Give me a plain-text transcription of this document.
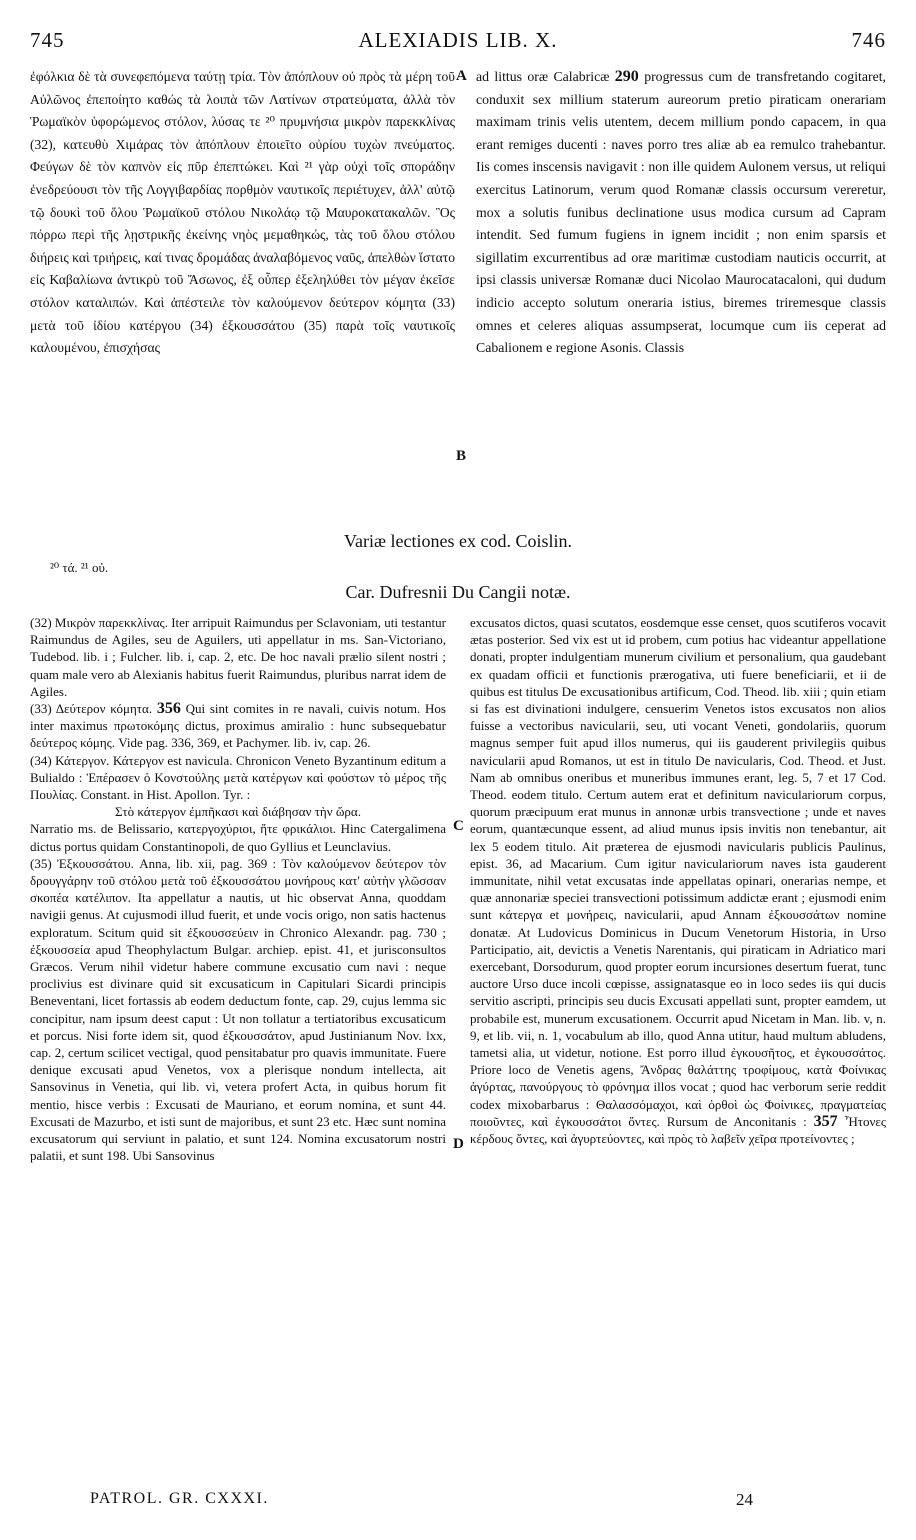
745	ALEXIADIS LIB. X.	746

ἐφόλκια δὲ τὰ συνεφεπόμενα ταύτῃ τρία. Τὸν ἀπόπλουν οὐ πρὸς τὰ μέρη τοῦ Αὐλῶνος ἐπεποίητο καθώς τὰ λοιπὰ τῶν Λατίνων στρατεύματα, ἀλλὰ τὸν Ῥωμαϊκὸν ὑφορώμενος στόλον, λύσας τε ²⁰ πρυμνήσια μικρὸν παρεκκλίνας (32), κατευθὺ Χιμάρας τὸν ἀπόπλουν ἐποιεῖτο οὐρίου τυχὼν πνεύματος. Φεύγων δὲ τὸν καπνὸν εἰς πῦρ ἐπεπτώκει. Καὶ ²¹ γὰρ οὐχὶ τοῖς σποράδην ἐνεδρεύουσι τὸν τῆς Λογγιβαρδίας πορθμὸν ναυτικοῖς περιέτυχεν, ἀλλ' αὐτῷ τῷ δουκὶ τοῦ ὅλου Ῥωμαϊκοῦ στόλου Νικολάῳ τῷ Μαυροκατακαλῶν. Ὃς πόρρω περὶ τῆς λῃστρικῆς ἐκείνης νηὸς μεμαθηκώς, τὰς τοῦ ὅλου στόλου διήρεις καὶ τριήρεις, καί τινας δρομάδας ἀναλαβόμενος ναῦς, ἀπελθὼν ἵστατο εἰς Καβαλίωνα ἀντικρὺ τοῦ Ἄσωνος, ἐξ οὗπερ ἐξεληλύθει τὸν μέγαν ἐκεῖσε στόλον καταλιπών. Καὶ ἀπέστειλε τὸν καλούμενον δεύτερον κόμητα (33) μετὰ τοῦ ἰδίου κατέργου (34) ἐξκουσσάτου (35) παρὰ τοῖς ναυτικοῖς καλουμένου, ἐπισχήσας

A
B

ad littus oræ Calabricæ 290 progressus cum de transfretando cogitaret, conduxit sex millium staterum aureorum pretio piraticam onerariam maximam trinis velis utentem, decem millium pondo capacem, in qua erant remiges ducenti : naves porro tres aliæ ab ea remulco trahebantur. Iis comes inscensis navigavit : non ille quidem Aulonem versus, ut reliqui exercitus Latinorum, verum quod Romanæ classis occursum vereretur, mox a solutis funibus declinatione usus modica cursum ad Capram intendit. Sed fumum fugiens in ignem incidit ; non enim sparsis et sigillatim excurrentibus ad oræ maritimæ custodiam nauticis occurrit, at ipsi classis universæ Romanæ duci Nicolao Maurocatacaloni, qui dudum indicio accepto solutum oneraria istius, biremes triremesque classis omnes et celeres aliquas assumpserat, locumque cum iis ceperat ad Cabalionem e regione Asonis. Classis

Variæ lectiones ex cod. Coislin.
²⁰ τά. ²¹ οὐ.
Car. Dufresnii Du Cangii notæ.

(32) Μικρὸν παρεκκλίνας. Iter arripuit Raimundus per Sclavoniam, uti testantur Raimundus de Agiles, seu de Aguilers, uti appellatur in ms. San-Victoriano, Tudebod. lib. i ; Fulcher. lib. i, cap. 2, etc. De hoc navali prælio silent nostri ; quam male vero ab Alexianis habitus fuerit Raimundus, pluribus narrat idem de Agiles.

(33) Δεύτερον κόμητα. 356 Qui sint comites in re navali, cuivis notum. Hos inter maximus πρωτοκόμης dictus, proximus amiralio : hunc subsequebatur δεύτερος κόμης. Vide pag. 336, 369, et Pachymer. lib. iv, cap. 26.

(34) Κάτεργον. Κάτεργον est navicula. Chronicon Veneto Byzantinum editum a Bulialdo : Ἐπέρασεν ὁ Κονστούλης μετὰ κατέργων καὶ φούστων τὸ μέρος τῆς Πουλίας. Constant. in Hist. Apollon. Tyr. :

Στὸ κάτεργον ἐμπῆκασι καὶ διάβησαν τὴν ὥρα.

Narratio ms. de Belissario, κατεργοχύριοι, ἤτε φρικάλιοι. Hinc Catergalimena dictus portus quidam Constantinopoli, de quo Gyllius et Leunclavius.

(35) Ἐξκουσσάτου. Anna, lib. xii, pag. 369 : Τὸν καλούμενον δεύτερον τὸν δρουγγάρην τοῦ στόλου μετὰ τοῦ ἐξκουσσάτου μονήρους κατ' αὐτὴν γλῶσσαν σκοπέα κατέλιπον. Ita appellatur a nautis, ut hic observat Anna, quoddam navigii genus. At cujusmodi illud fuerit, et unde vocis origo, non satis hactenus exploratum. Scitum quid sit ἐξκουσσεύειν in Chronico Alexandr. pag. 730 ; ἐξκουσσεία apud Theophylactum Bulgar. archiep. epist. 41, et jurisconsultos Græcos. Verum nihil videtur habere commune excusatio cum navi : neque proclivius est divinare quid sit excusaticum in Capitulari Sicardi principis Beneventani, licet fortassis ab eodem deductum fonte, cap. 29, cujus lemma sic concipitur, nam ipsum deest caput : Ut non tollatur a tertiatoribus excusaticum et porcus. Nisi forte idem sit, quod ἐξκουσσάτον, apud Justinianum Nov. lxx, cap. 2, certum scilicet vectigal, quod pensitabatur pro quavis immunitate. Fuere denique excusati apud Venetos, vox a plerisque nondum intellecta, ait Sansovinus in Venetia, qui lib. vi, vetera profert Acta, in quibus horum fit mentio, hisce verbis : Excusati de Mauriano, et eorum nomina, et sunt 44. Excusati de Mazurbo, et isti sunt de majoribus, et sunt 23 etc. Hæc sunt nomina excusatorum qui serviunt in palatio, et sunt 124. Nomina excusatorum nostri palatii, et sunt 198. Ubi Sansovinus

C
D

excusatos dictos, quasi scutatos, eosdemque esse censet, quos scutiferos vocavit ætas posterior. Sed vix est ut id probem, cum potius hac videantur appellatione donati, propter indulgentiam munerum civilium et personalium, qua gaudebant ex quadam officii et functionis prærogativa, uti fuere beneficiarii, et ii de quibus est titulus De excusationibus artificum, Cod. Theod. lib. xiii ; quin etiam si fas est divinationi indulgere, censuerim Venetos istos excusatos non alios fuisse a vectoribus navicularii, seu, uti vocant Veneti, gondolariis, quorum magnus semper fuit apud illos numerus, qui iis gauderent privilegiis quibus navicularii apud Romanos, ut est in titulo De navicularis, Cod. Theod. et Just. Nam ab omnibus oneribus et muneribus immunes erant, leg. 5, 7 et 17 Cod. Theod. eodem titulo. Certum autem erat et definitum naviculariorum corpus, quorum præcipuum erat munus in annonæ urbis transvectione ; unde et naves eorum, quantæcunque essent, ad aliud munus ipsis invitis non tenebantur, ait lex 5 eodem titulo. Ait præterea de ejusmodi navicularis publicis Paulinus, epist. 36, ad Macarium. Cum igitur naviculariorum naves ista gauderent immunitate, nihil vetat excusatas inde appellatas opinari, onerarias nempe, et quæ annonariæ speciei transvectioni potissimum addictæ erant ; ejusmodi enim sunt κάτεργα et μονήρεις, navicularii, apud Annam ἐξκουσσάτων nomine donatæ. At Ludovicus Dominicus in Ducum Venetorum Historia, in Urso Participatio, ait, devictis a Venetis Narentanis, qui piraticam in Adriatico mari exercebant, Dorsodurum, quod propter eorum incursiones desertum fuerat, tunc auctore Urso duce incoli cœpisse, assignatasque eo in loco sedes iis qui ducis servitio ascripti, principis seu ducis Excusati appellati sunt, propter eamdem, ut probabile est, munerum excusationem. Occurrit apud Nicetam in Man. lib. v, n. 9, et lib. vii, n. 1, vocabulum ab illo, quod Anna utitur, haud multum abludens, tametsi alia, ut videtur, notione. Est porro illud ἐγκουσῆτος, et ἐγκουσσάτος. Priore loco de Venetis agens, Ἄνδρας θαλάττης τροφίμους, κατὰ Φοίνικας ἀγύρτας, πανούργους τὸ φρόνημα illos vocat ; quod hac verborum serie reddit codex mixobarbarus : Θαλασσόμαχοι, καὶ ὀρθοὶ ὡς Φοίνικες, πραγματείας ποιοῦντες, καὶ ἐγκουσσάτοι ὄντες. Rursum de Anconitanis : 357 Ἦτονες κέρδους ὄντες, καὶ ἀγυρτεύοντες, καὶ πρὸς τὸ λαβεῖν χεῖρα προτείνοντες ;

PATROL. GR. CXXXI.	24
